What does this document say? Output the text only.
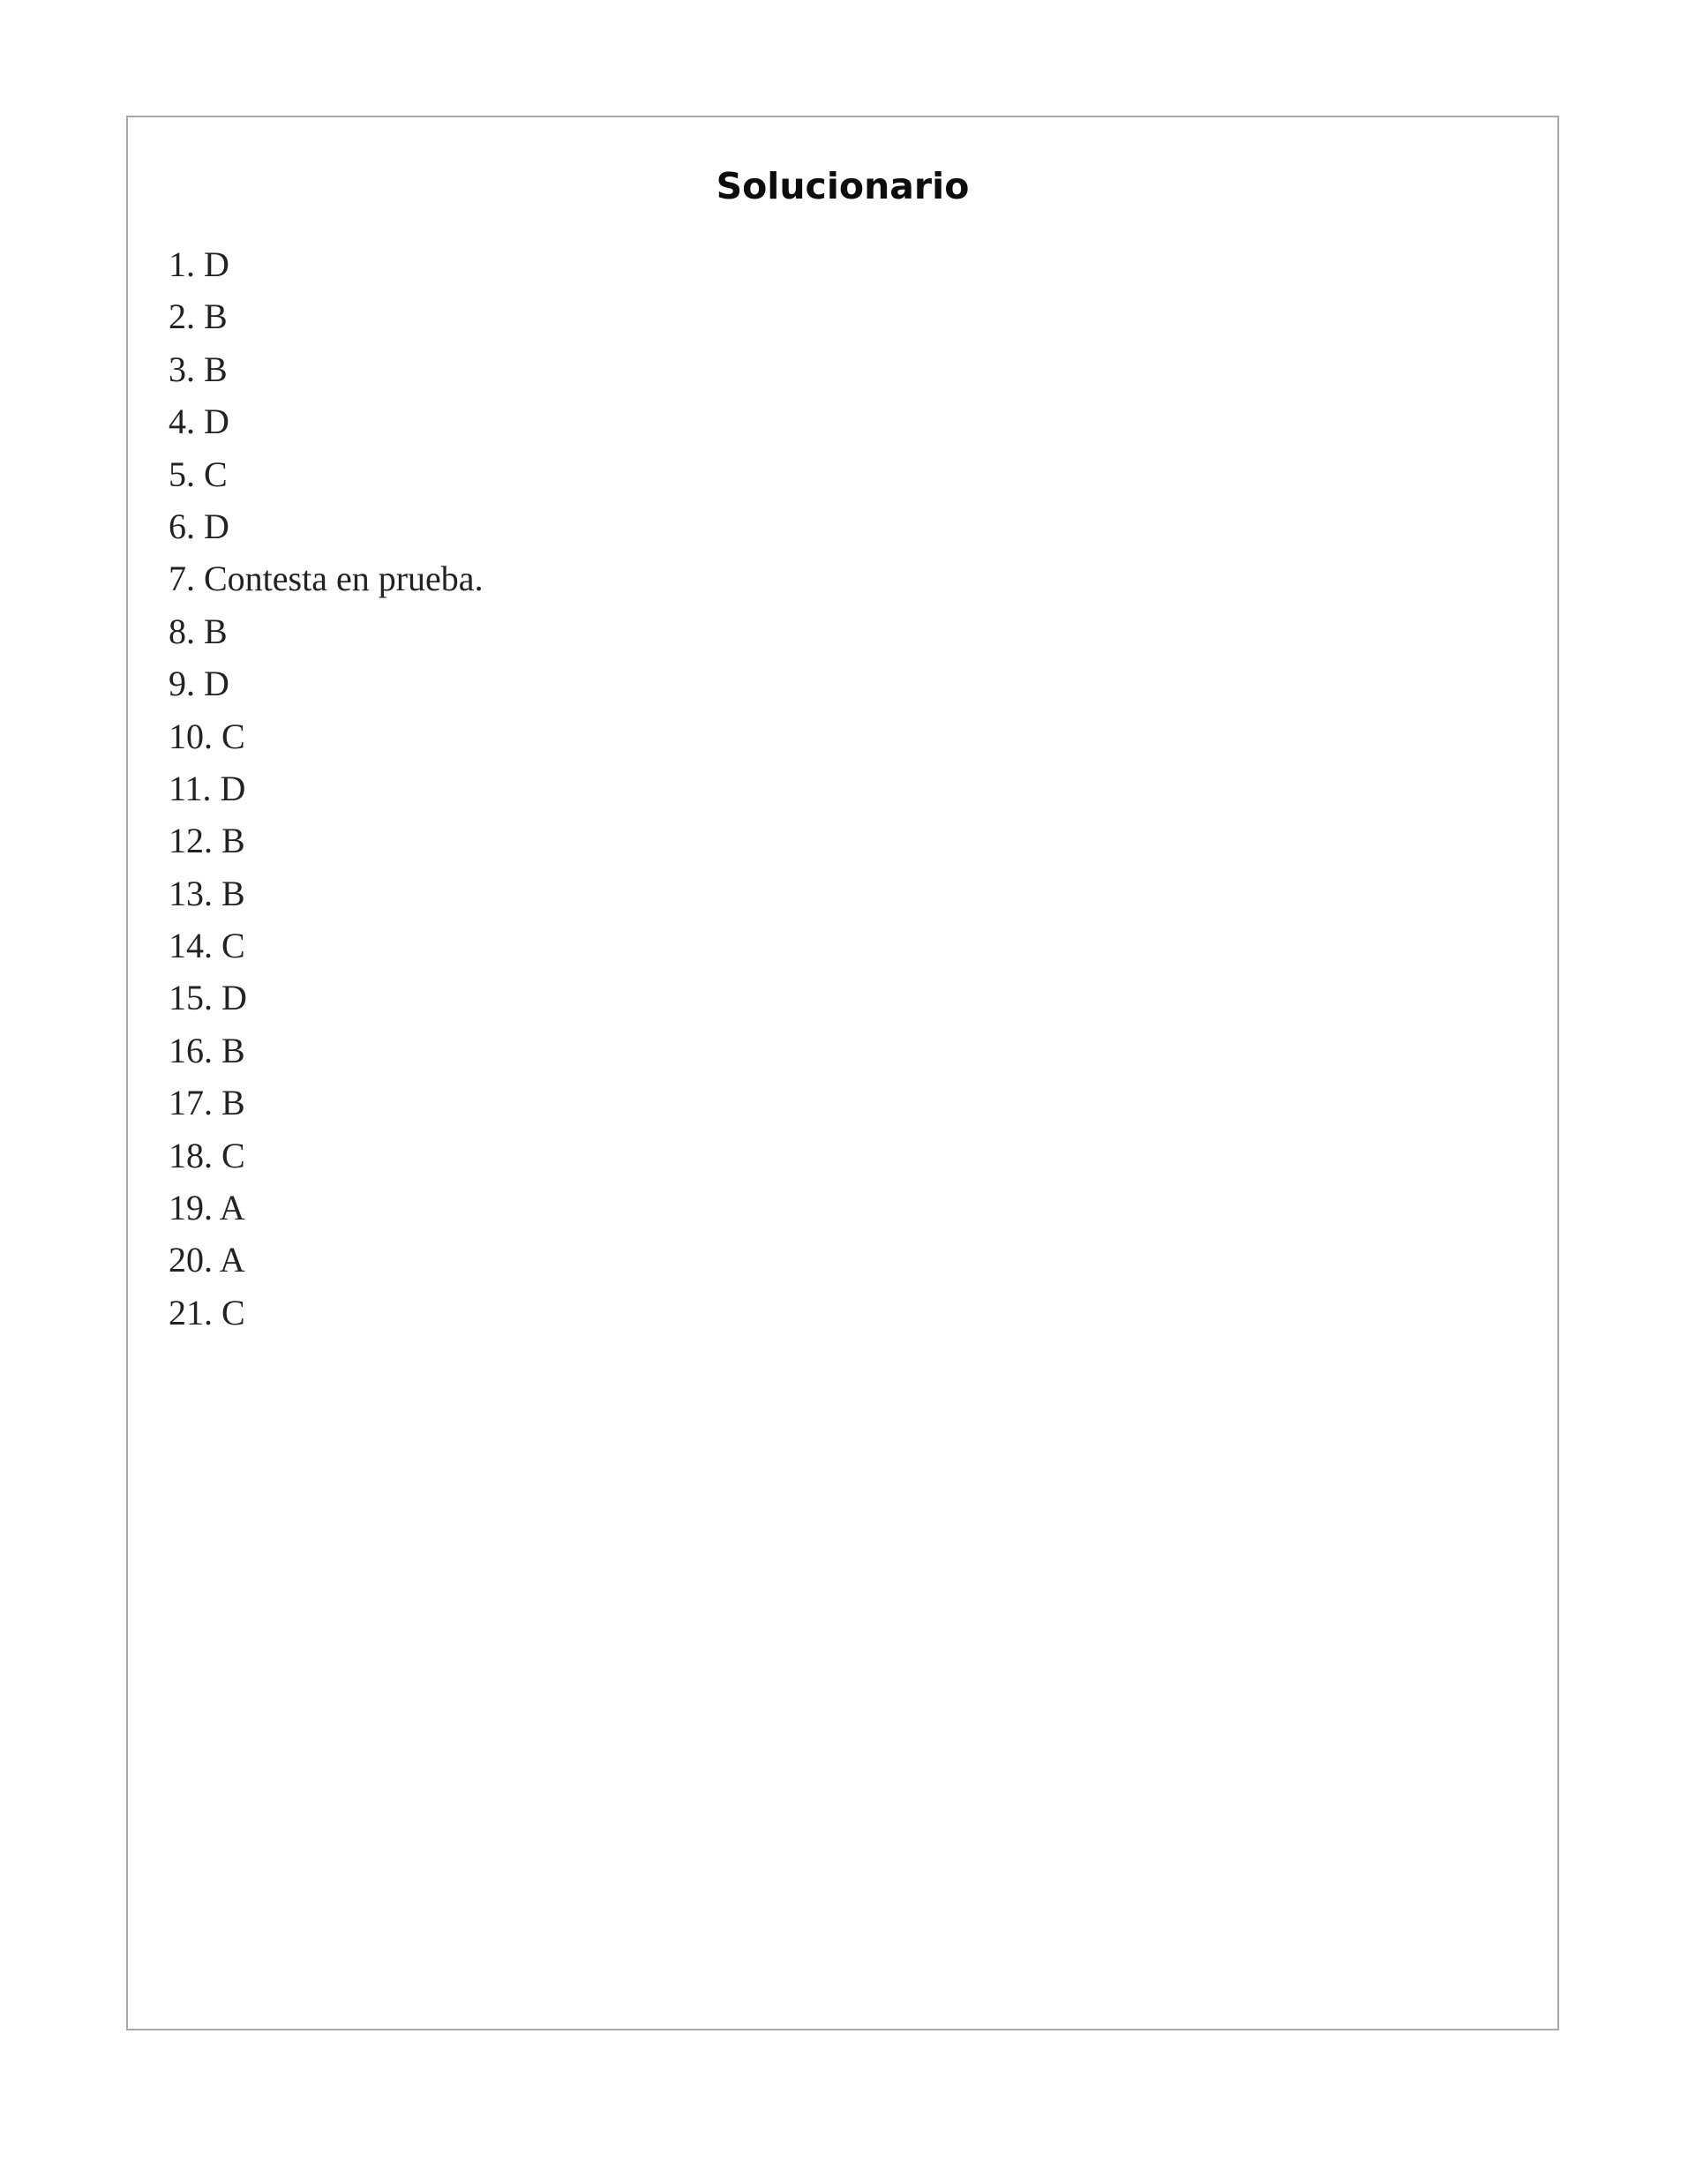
Solucionario
1. D
2. B
3. B
4. D
5. C
6. D
7. Contesta en prueba.
8. B
9. D
10. C
11. D
12. B
13. B
14. C
15. D
16. B
17. B
18. C
19. A
20. A
21. C
